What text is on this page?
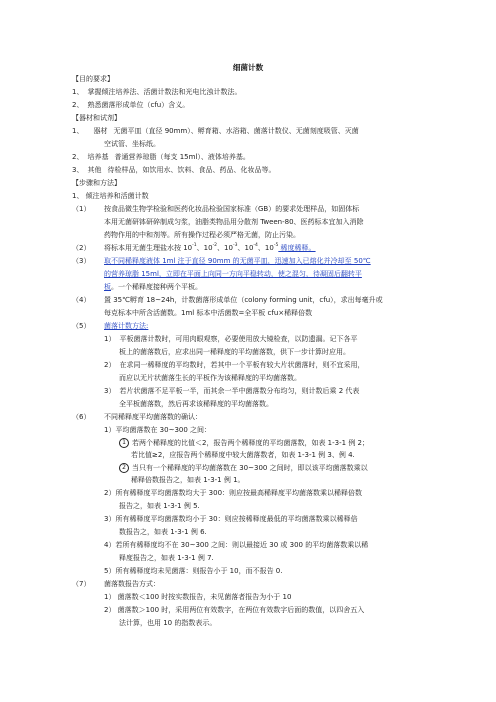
细菌计数
【目的要求】
1、 掌握倾注培养法、活菌计数法和光电比浊计数法。
2、 熟悉菌落形成单位（cfu）含义。
【器材和试剂】
1、 器材 无菌平皿（直径 90mm）、孵育箱、水浴箱、菌落计数仪、无菌刻度吸管、灭菌
空试管、坐标纸。
2、 培养基 普通营养琼脂（每支 15ml）、液体培养基。
3、 其他 待检样品，如饮用水、饮料、食品、药品、化妆品等。
【步骤和方法】
1、 倾注培养和活菌计数
（1） 按食品微生物学检验和医药化妆品检验国家标准（GB）的要求处理样品，如固体标
本用无菌研钵研碎制成匀浆，油脂类物品用分散剂 Tween-80、医药标本宜加入消除
药物作用的中和剂等。所有操作过程必须严格无菌，防止污染。
（2） 将标本用无菌生理盐水按 $10^{-1}$、$10^{-2}$、$10^{-3}$、$10^{-4}$、$10^{-5}$ 稀度稀释。
（3） 取不同稀释度液体 1ml 注于直径 90mm 的无菌平皿，迅速加入已熔化并冷却至 50℃
的营养琼脂 15ml，立即在平面上向同一方向平稳转动，使之混匀，待凝固后翻转平
板。一个稀释度接种两个平板。
（4） 置 35℃孵育 18~24h，计数菌落形成单位（colony forming unit，cfu），求出每毫升或
每克标本中所含活菌数。1ml 标本中活菌数=全平板 cfu×稀释倍数
（5） 菌落计数方法:
1） 平板菌落计数时，可用肉眼观察，必要使用放大镜检查，以防遗漏。记下各平
板上的菌落数后，应求出同一稀释度的平均菌落数，供下一步计算时应用。
2） 在求同一稀释度的平均数时，若其中一个平板有较大片状菌落时，则不宜采用，
而应以无片状菌落生长的平板作为该稀释度的平均菌落数。
3） 若片状菌落不足平板一半，而其余一半中菌落数分布均匀，则计数后乘 2 代表
全平板菌落数，然后再求该稀释度的平均菌落数。
（6） 不同稀释度平均菌落数的确认：
1）平均菌落数在 30~300 之间：
1 若两个稀释度的比值＜2，报告两个稀释度的平均菌落数，如表 1-3-1 例 2；
若比值≥2，应报告两个稀释度中较大菌落数者，如表 1-3-1 例 3、例 4.
2 当只有一个稀释度的平均菌落数在 30~300 之间时，即以该平均菌落数乘以
稀释倍数报告之，如表 1-3-1 例 1。
2）所有稀释度平均菌落数均大于 300：则应按最高稀释度平均菌落数乘以稀释倍数
报告之，如表 1-3-1 例 5.
3）所有稀释度平均菌落数均小于 30：则应按稀释度最低的平均菌落数乘以稀释倍
数报告之，如表 1-3-1 例 6.
4）若所有稀释度均不在 30~300 之间：则以最接近 30 或 300 的平均菌落数乘以稀
释度报告之，如表 1-3-1 例 7.
5）所有稀释度均未见菌落：则报告小于 10，而不报告 0.
（7） 菌落数报告方式：
1） 菌落数＜100 时按实数报告，未见菌落者报告为小于 10
2） 菌落数＞100 时，采用两位有效数字，在两位有效数字后面的数值，以四舍五入
法计算，也用 10 的指数表示。
